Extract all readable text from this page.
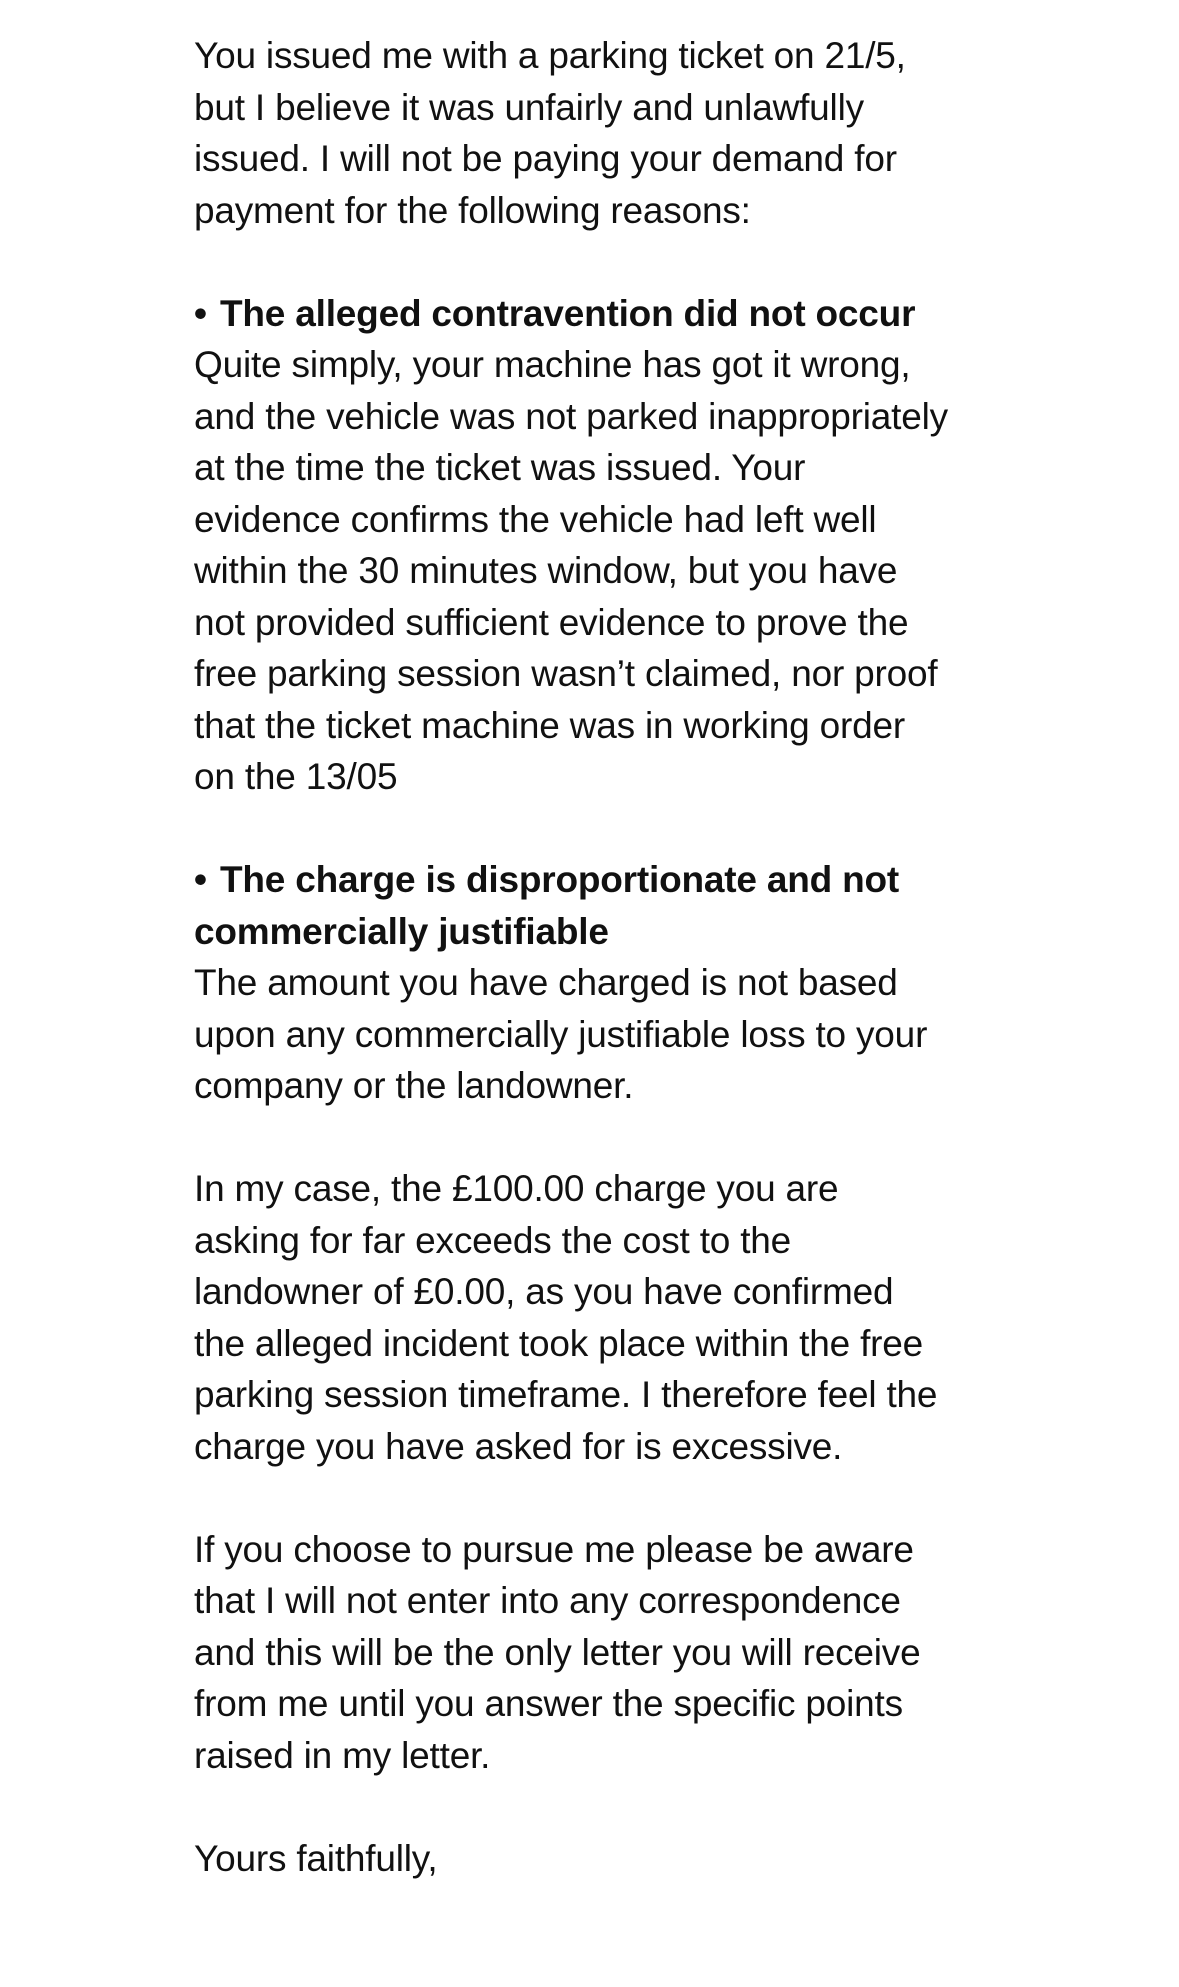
You issued me with a parking ticket on 21/5, but I believe it was unfairly and unlawfully issued. I will not be paying your demand for payment for the following reasons:

• The alleged contravention did not occur
Quite simply, your machine has got it wrong, and the vehicle was not parked inappropriately at the time the ticket was issued. Your evidence confirms the vehicle had left well within the 30 minutes window, but you have not provided sufficient evidence to prove the free parking session wasn’t claimed, nor proof that the ticket machine was in working order on the 13/05
• The charge is disproportionate and not commercially justifiable
The amount you have charged is not based upon any commercially justifiable loss to your company or the landowner.

In my case, the £100.00 charge you are asking for far exceeds the cost to the landowner of £0.00, as you have confirmed the alleged incident took place within the free parking session timeframe. I therefore feel the charge you have asked for is excessive.

If you choose to pursue me please be aware that I will not enter into any correspondence and this will be the only letter you will receive from me until you answer the specific points raised in my letter.

Yours faithfully,
